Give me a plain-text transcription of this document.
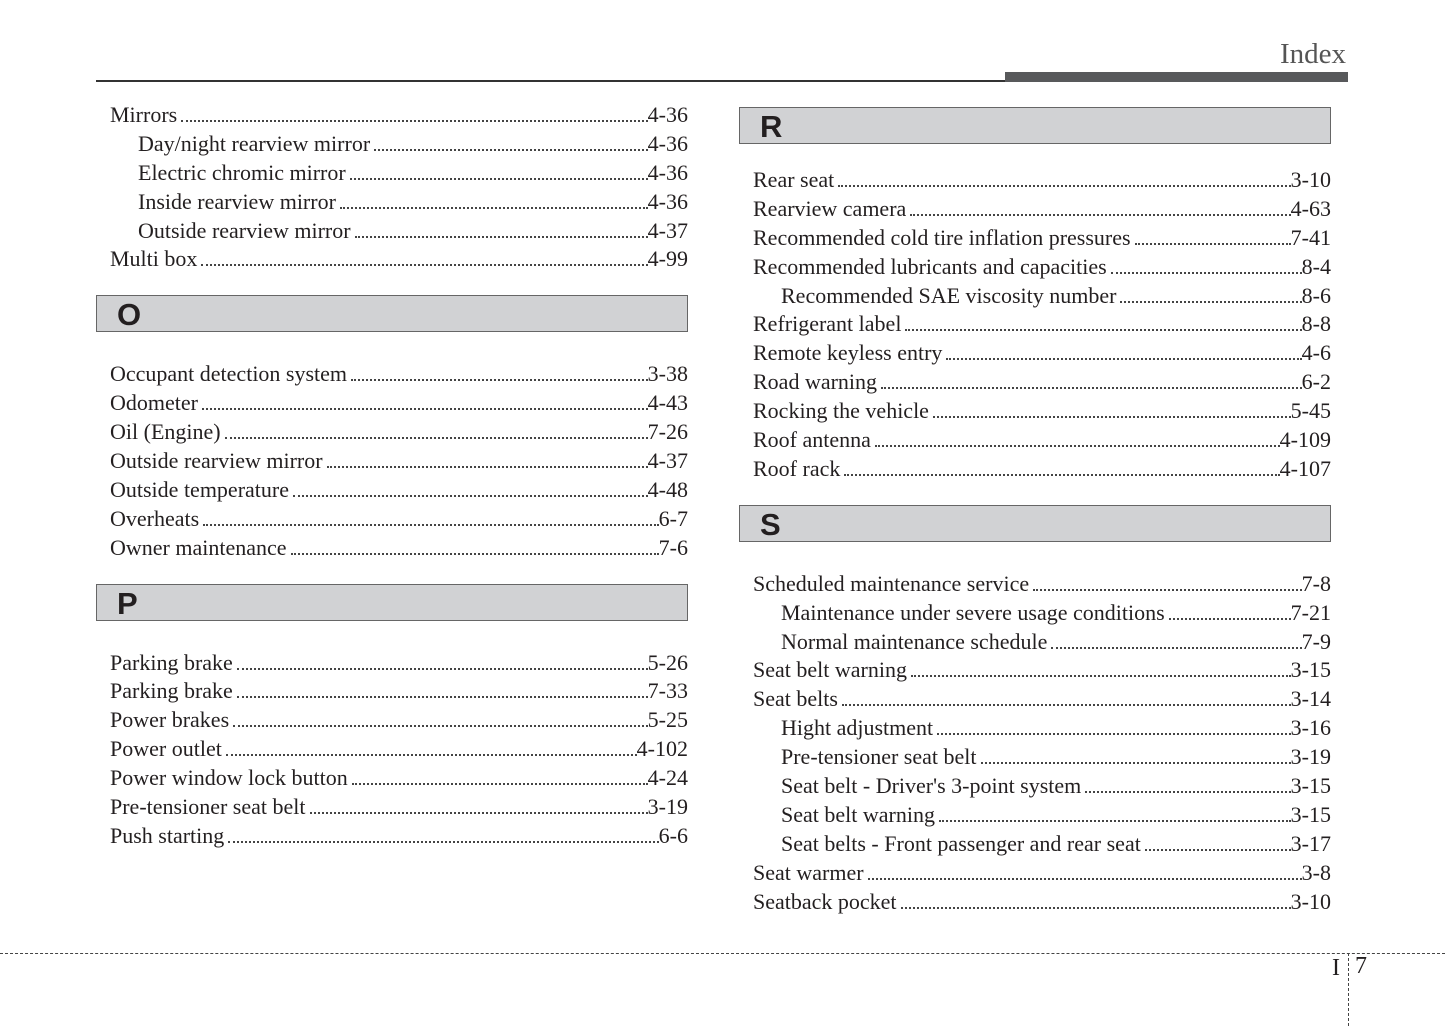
Index
Mirrors	4-36
Day/night rearview mirror	4-36
Electric chromic mirror	4-36
Inside rearview mirror	4-36
Outside rearview mirror	4-37
Multi box	4-99
O
Occupant detection system	3-38
Odometer	4-43
Oil (Engine)	7-26
Outside rearview mirror	4-37
Outside temperature	4-48
Overheats	6-7
Owner maintenance	7-6
P
Parking brake	5-26
Parking brake	7-33
Power brakes	5-25
Power outlet	4-102
Power window lock button	4-24
Pre-tensioner seat belt	3-19
Push starting	6-6
R
Rear seat	3-10
Rearview camera	4-63
Recommended cold tire inflation pressures	7-41
Recommended lubricants and capacities	8-4
Recommended SAE viscosity number	8-6
Refrigerant label	8-8
Remote keyless entry	4-6
Road warning	6-2
Rocking the vehicle	5-45
Roof antenna	4-109
Roof rack	4-107
S
Scheduled maintenance service	7-8
Maintenance under severe usage conditions	7-21
Normal maintenance schedule	7-9
Seat belt warning	3-15
Seat belts	3-14
Hight adjustment	3-16
Pre-tensioner seat belt	3-19
Seat belt - Driver's 3-point system	3-15
Seat belt warning	3-15
Seat belts - Front passenger and rear seat	3-17
Seat warmer	3-8
Seatback pocket	3-10
I 7
